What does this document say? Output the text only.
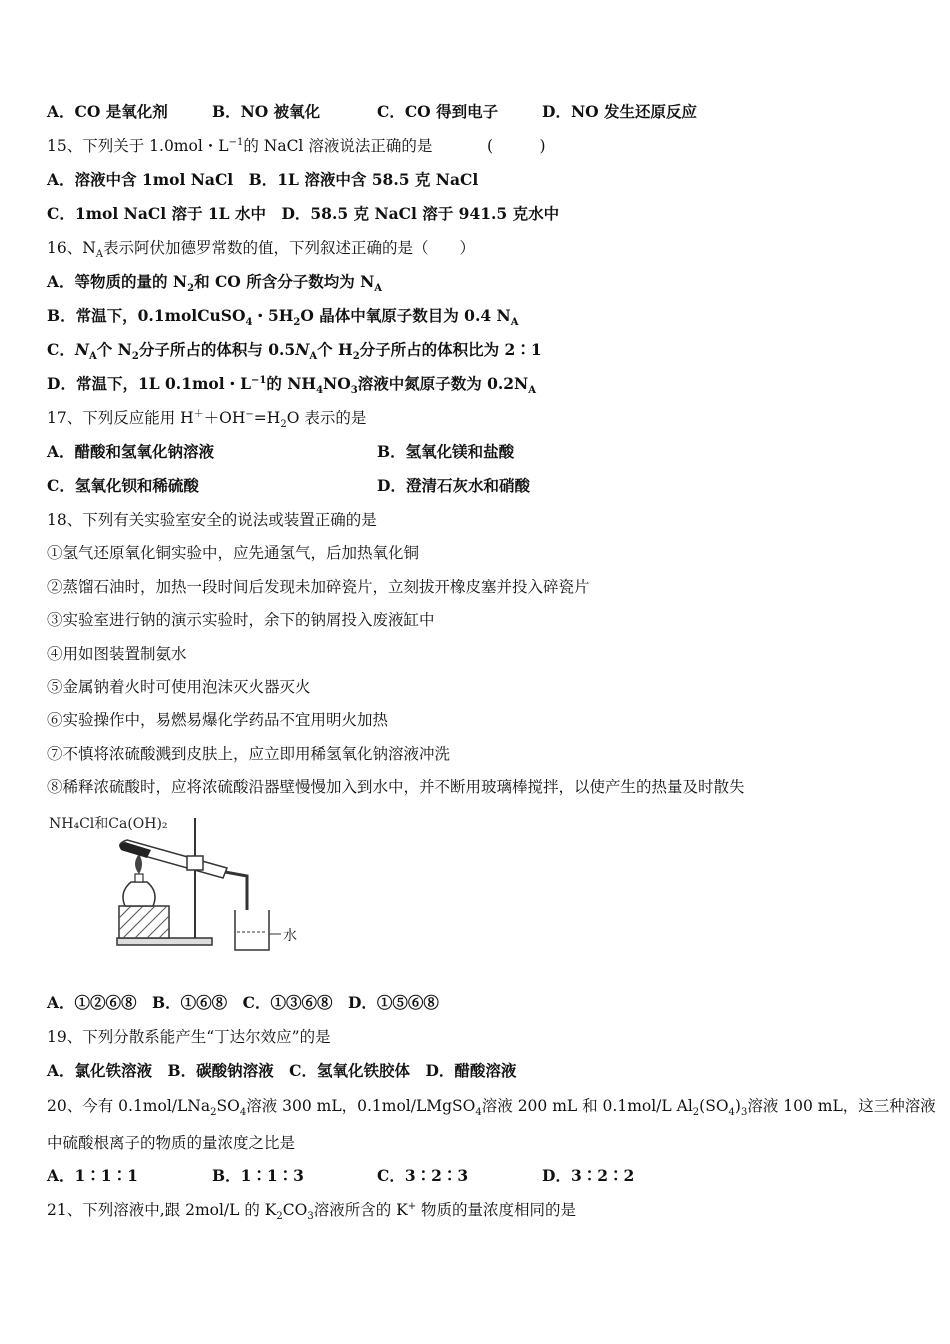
A．CO 是氧化剂	B．NO 被氧化	C．CO 得到电子	D．NO 发生还原反应
15、下列关于 1.0mol・$L^{-1}$的 NaCl 溶液说法正确的是	(　　　)
A．溶液中含 1mol NaCl　B．1L 溶液中含 58.5 克 NaCl
C．1mol NaCl 溶于 1L 水中　D．58.5 克 NaCl 溶于 941.5 克水中
16、$N_A$表示阿伏加德罗常数的值，下列叙述正确的是（　　）
A．等物质的量的 $N_2$和 CO 所含分子数均为 $N_A$
B．常温下，0.1molCuSO$_4$・$5H_2O$ 晶体中氧原子数目为 0.4 $N_A$
C．$N_A$个 $N_2$分子所占的体积与 $0.5N_A$个 $H_2$分子所占的体积比为 2∶1
D．常温下，1L 0.1mol・$L^{-1}$的 $NH_4NO_3$溶液中氮原子数为 $0.2N_A$
17、下列反应能用 $H^++OH^-=H_2O$ 表示的是
A．醋酸和氢氧化钠溶液	B．氢氧化镁和盐酸
C．氢氧化钡和稀硫酸	D．澄清石灰水和硝酸
18、下列有关实验室安全的说法或装置正确的是
①氢气还原氧化铜实验中，应先通氢气，后加热氧化铜
②蒸馏石油时，加热一段时间后发现未加碎瓷片，立刻拔开橡皮塞并投入碎瓷片
③实验室进行钠的演示实验时，余下的钠屑投入废液缸中
④用如图装置制氨水
⑤金属钠着火时可使用泡沫灭火器灭火
⑥实验操作中，易燃易爆化学药品不宜用明火加热
⑦不慎将浓硫酸溅到皮肤上，应立即用稀氢氧化钠溶液冲洗
⑧稀释浓硫酸时，应将浓硫酸沿器壁慢慢加入到水中，并不断用玻璃棒搅拌，以使产生的热量及时散失
NH₄Cl和Ca(OH)₂
水
A．①②⑥⑧　B．①⑥⑧　C．①③⑥⑧　D．①⑤⑥⑧
19、下列分散系能产生“丁达尔效应”的是
A．氯化铁溶液　B．碳酸钠溶液　C．氢氧化铁胶体　D．醋酸溶液
20、今有 $0.1mol/LNa_2SO_4$溶液 300 mL，0.1mol/LMgSO$_4$溶液 200 mL 和 0.1mol/L $Al_2(SO_4)_3$溶液 100 mL，这三种溶液
中硫酸根离子的物质的量浓度之比是
A．1∶1∶1	B．1∶1∶3	C．3∶2∶3	D．3∶2∶2
21、下列溶液中,跟 2mol/L 的 $K_2CO_3$溶液所含的 K+ 物质的量浓度相同的是
